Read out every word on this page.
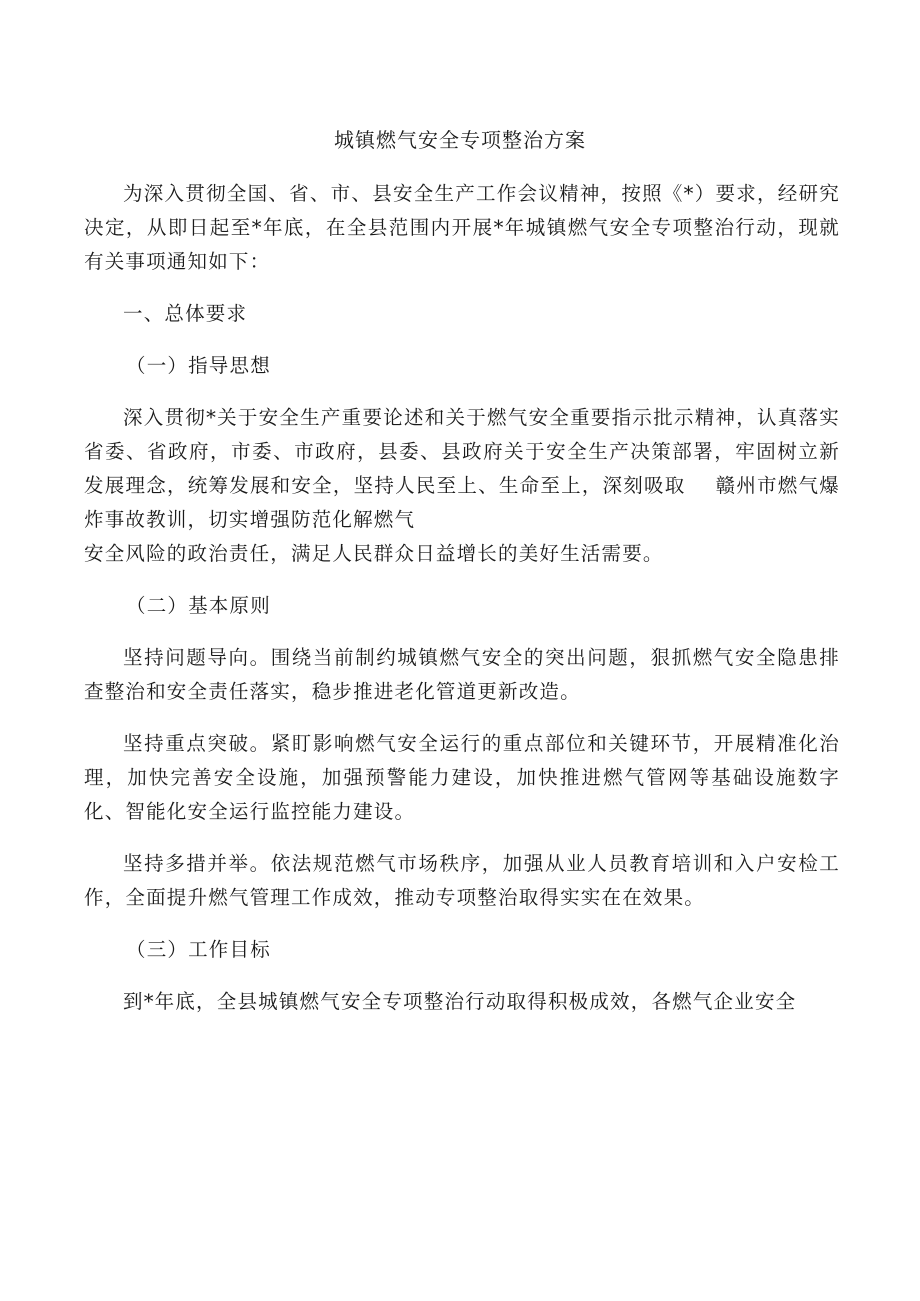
城镇燃气安全专项整治方案

为深入贯彻全国、省、市、县安全生产工作会议精神，按照《*）要求，经研究决定，从即日起至*年底，在全县范围内开展*年城镇燃气安全专项整治行动，现就有关事项通知如下：

一、总体要求

（一）指导思想

深入贯彻*关于安全生产重要论述和关于燃气安全重要指示批示精神，认真落实省委、省政府，市委、市政府，县委、县政府关于安全生产决策部署，牢固树立新发展理念，统筹发展和安全，坚持人民至上、生命至上，深刻吸取 赣州市燃气爆炸事故教训，切实增强防范化解燃气

安全风险的政治责任，满足人民群众日益增长的美好生活需要。

（二）基本原则

坚持问题导向。围绕当前制约城镇燃气安全的突出问题，狠抓燃气安全隐患排查整治和安全责任落实，稳步推进老化管道更新改造。

坚持重点突破。紧盯影响燃气安全运行的重点部位和关键环节，开展精准化治理，加快完善安全设施，加强预警能力建设，加快推进燃气管网等基础设施数字化、智能化安全运行监控能力建设。

坚持多措并举。依法规范燃气市场秩序，加强从业人员教育培训和入户安检工作，全面提升燃气管理工作成效，推动专项整治取得实实在在效果。

（三）工作目标

到*年底，全县城镇燃气安全专项整治行动取得积极成效，各燃气企业安全
